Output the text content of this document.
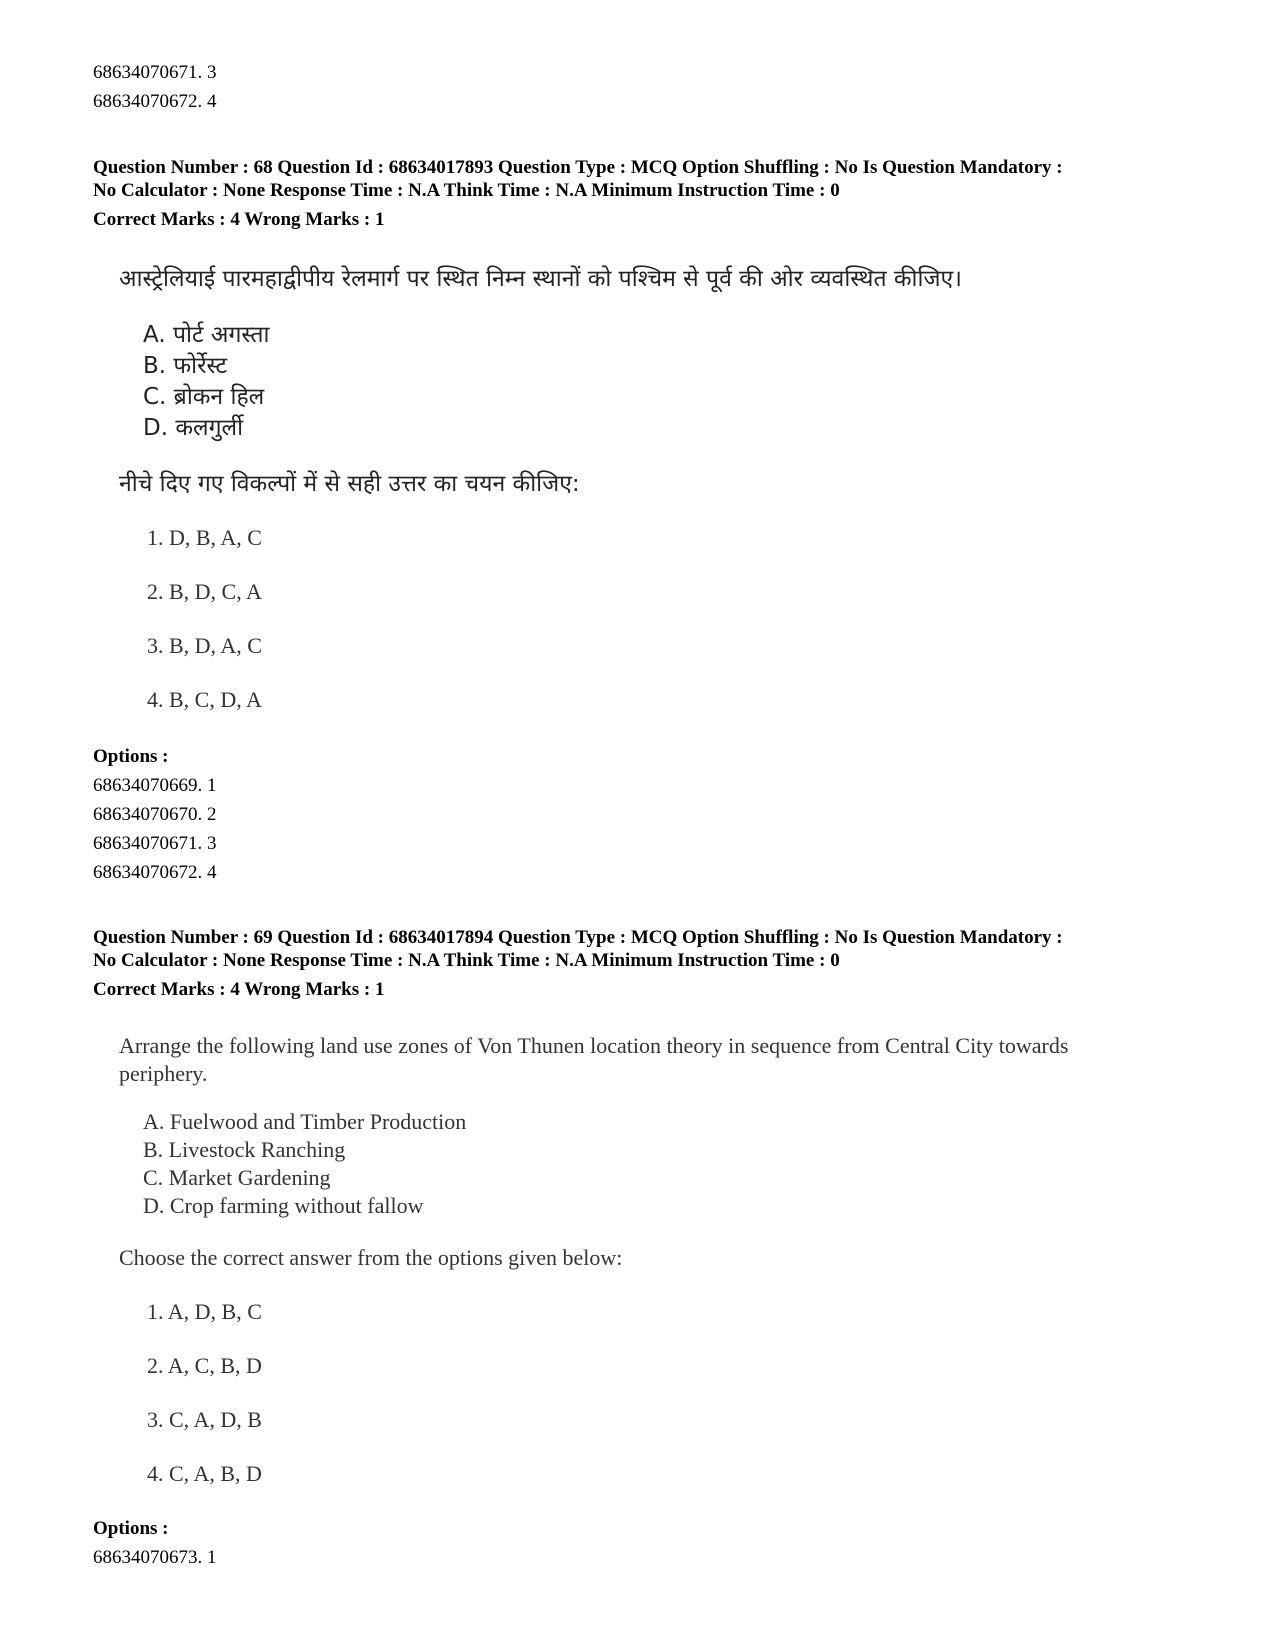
68634070671. 3
68634070672. 4
Question Number : 68 Question Id : 68634017893 Question Type : MCQ Option Shuffling : No Is Question Mandatory :
No Calculator : None Response Time : N.A Think Time : N.A Minimum Instruction Time : 0
Correct Marks : 4 Wrong Marks : 1
आस्ट्रेलियाई पारमहाद्वीपीय रेलमार्ग पर स्थित निम्न स्थानों को पश्चिम से पूर्व की ओर व्यवस्थित कीजिए।
A. पोर्ट अगस्ता
B. फोर्रेस्ट
C. ब्रोकन हिल
D. कलगुर्ली
नीचे दिए गए विकल्पों में से सही उत्तर का चयन कीजिए:
1. D, B, A, C
2. B, D, C, A
3. B, D, A, C
4. B, C, D, A
Options :
68634070669. 1
68634070670. 2
68634070671. 3
68634070672. 4
Question Number : 69 Question Id : 68634017894 Question Type : MCQ Option Shuffling : No Is Question Mandatory :
No Calculator : None Response Time : N.A Think Time : N.A Minimum Instruction Time : 0
Correct Marks : 4 Wrong Marks : 1
Arrange the following land use zones of Von Thunen location theory in sequence from Central City towards periphery.
A. Fuelwood and Timber Production
B. Livestock Ranching
C. Market Gardening
D. Crop farming without fallow
Choose the correct answer from the options given below:
1. A, D, B, C
2. A, C, B, D
3. C, A, D, B
4. C, A, B, D
Options :
68634070673. 1
